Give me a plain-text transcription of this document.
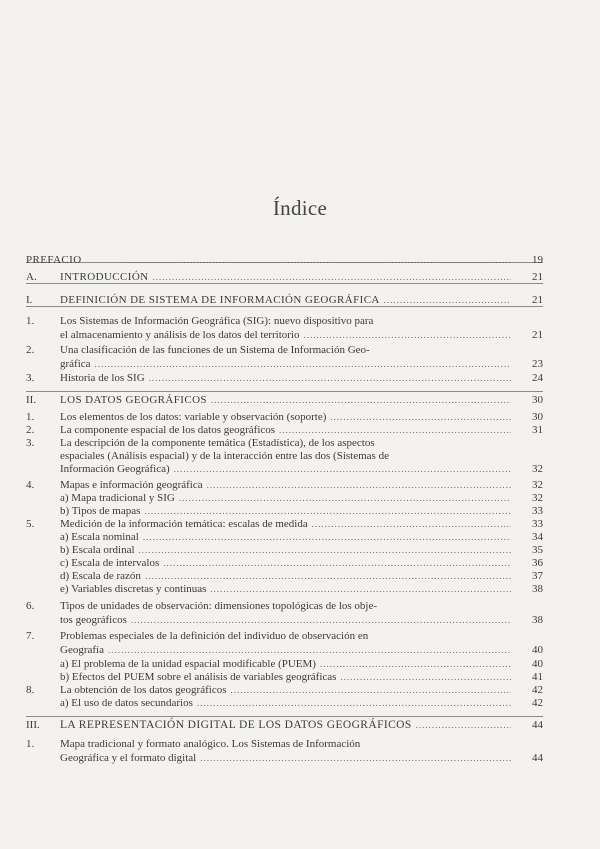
Índice
PREFACIO .....	19
A.	INTRODUCCIÓN .....	21
I.	DEFINICIÓN DE SISTEMA DE INFORMACIÓN GEOGRÁFICA .....	21
1.	Los Sistemas de Información Geográfica (SIG): nuevo dispositivo para
el almacenamiento y análisis de los datos del territorio .....	21
2.	Una clasificación de las funciones de un Sistema de Información Geo-
gráfica .....	23
3.	Historia de los SIG .....	24
II.	LOS DATOS GEOGRÁFICOS .....	30
1.	Los elementos de los datos: variable y observación (soporte) .....	30
2.	La componente espacial de los datos geográficos .....	31
3.	La descripción de la componente temática (Estadística), de los aspectos
espaciales (Análisis espacial) y de la interacción entre las dos (Sistemas de
Información Geográfica) .....	32
4.	Mapas e información geográfica .....	32
a) Mapa tradicional y SIG .....	32
b) Tipos de mapas .....	33
5.	Medición de la información temática: escalas de medida .....	33
a) Escala nominal .....	34
b) Escala ordinal .....	35
c) Escala de intervalos .....	36
d) Escala de razón .....	37
e) Variables discretas y continuas .....	38
6.	Tipos de unidades de observación: dimensiones topológicas de los obje-
tos geográficos .....	38
7.	Problemas especiales de la definición del individuo de observación en
Geografía .....	40
a) El problema de la unidad espacial modificable (PUEM) .....	40
b) Efectos del PUEM sobre el análisis de variables geográficas .....	41
8.	La obtención de los datos geográficos .....	42
a) El uso de datos secundarios .....	42
III.	LA REPRESENTACIÓN DIGITAL DE LOS DATOS GEOGRÁFICOS .....	44
1.	Mapa tradicional y formato analógico. Los Sistemas de Información
Geográfica y el formato digital .....	44
